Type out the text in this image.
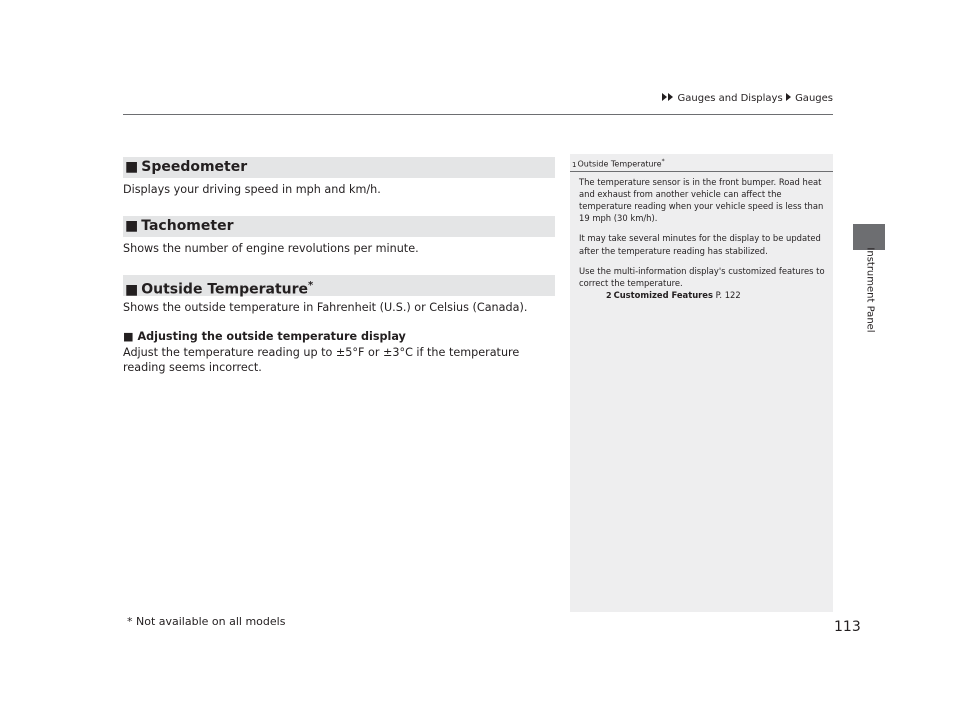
Gauges and Displays Gauges
Instrument Panel
■ Speedometer

Displays your driving speed in mph and km/h.

■ Tachometer

Shows the number of engine revolutions per minute.

■ Outside Temperature*

Shows the outside temperature in Fahrenheit (U.S.) or Celsius (Canada).

■ Adjusting the outside temperature display

Adjust the temperature reading up to ±5°F or ±3°C if the temperature reading seems incorrect.

1Outside Temperature*

The temperature sensor is in the front bumper. Road heat and exhaust from another vehicle can affect the temperature reading when your vehicle speed is less than 19 mph (30 km/h).

It may take several minutes for the display to be updated after the temperature reading has stabilized.

Use the multi-information display's customized features to correct the temperature.

2 Customized Features P. 122
* Not available on all models	113
